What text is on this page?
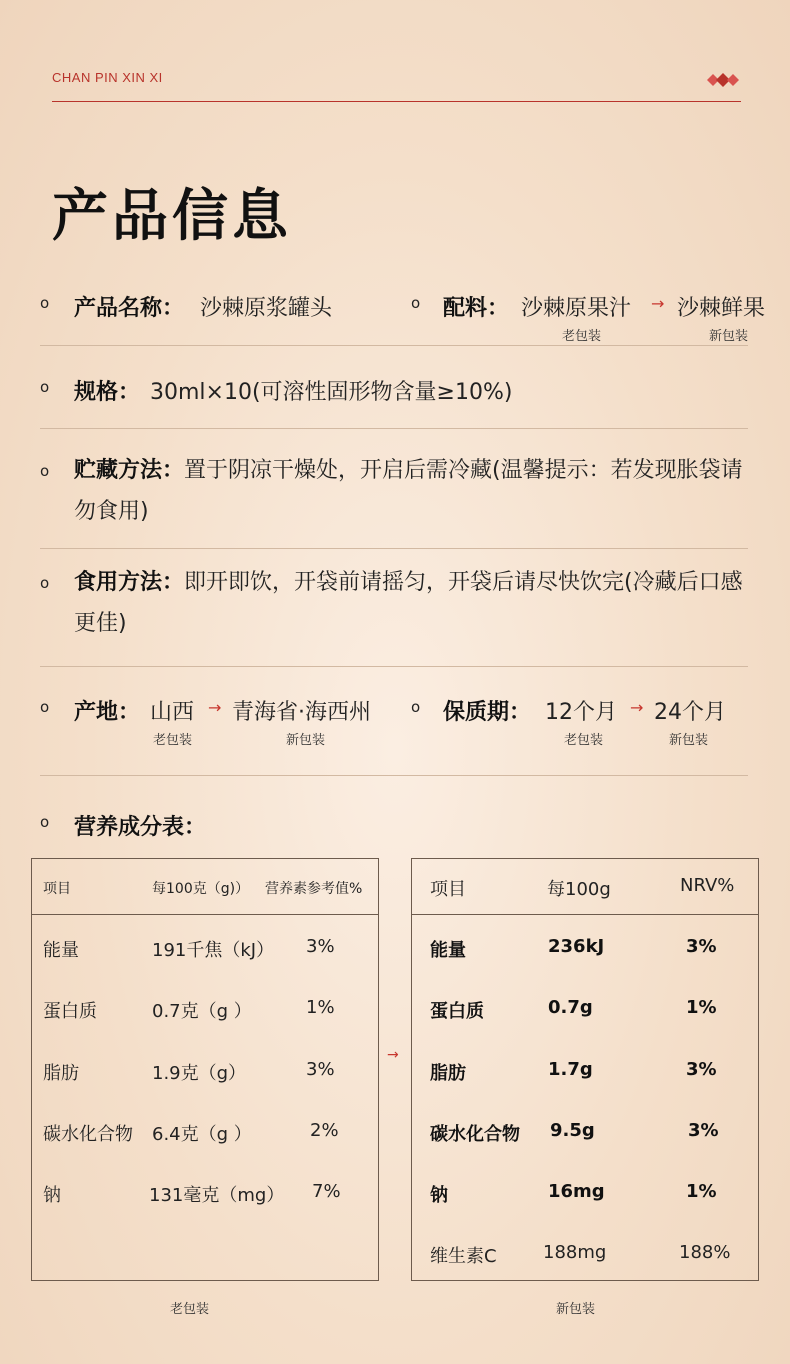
CHAN PIN XIN XI
产品信息
o 产品名称： 沙棘原浆罐头	o 配料： 沙棘原果汁 → 沙棘鲜果
老包装	新包装
o 规格： 30ml×10(可溶性固形物含量≥10%)
o 贮藏方法：置于阴凉干燥处，开启后需冷藏(温馨提示：若发现胀袋请勿食用)
o 食用方法：即开即饮，开袋前请摇匀，开袋后请尽快饮完(冷藏后口感更佳)
o 产地： 山西 → 青海省·海西州	o 保质期： 12个月 → 24个月
老包装	新包装	老包装	新包装
o 营养成分表：
项目	每100克（g)） 营养素参考值%
能量	191千焦（kJ） 3%
蛋白质	0.7克（g ）	1%
脂肪	1.9克（g）	3%
碳水化合物 6.4克（g ）	2%
钠	131毫克（mg） 7%
老包装
→
项目	每100g	NRV%
能量	236kJ	3%
蛋白质	0.7g	1%
脂肪	1.7g	3%
碳水化合物 9.5g	3%
钠	16mg	1%
维生素C	188mg	188%
新包装
